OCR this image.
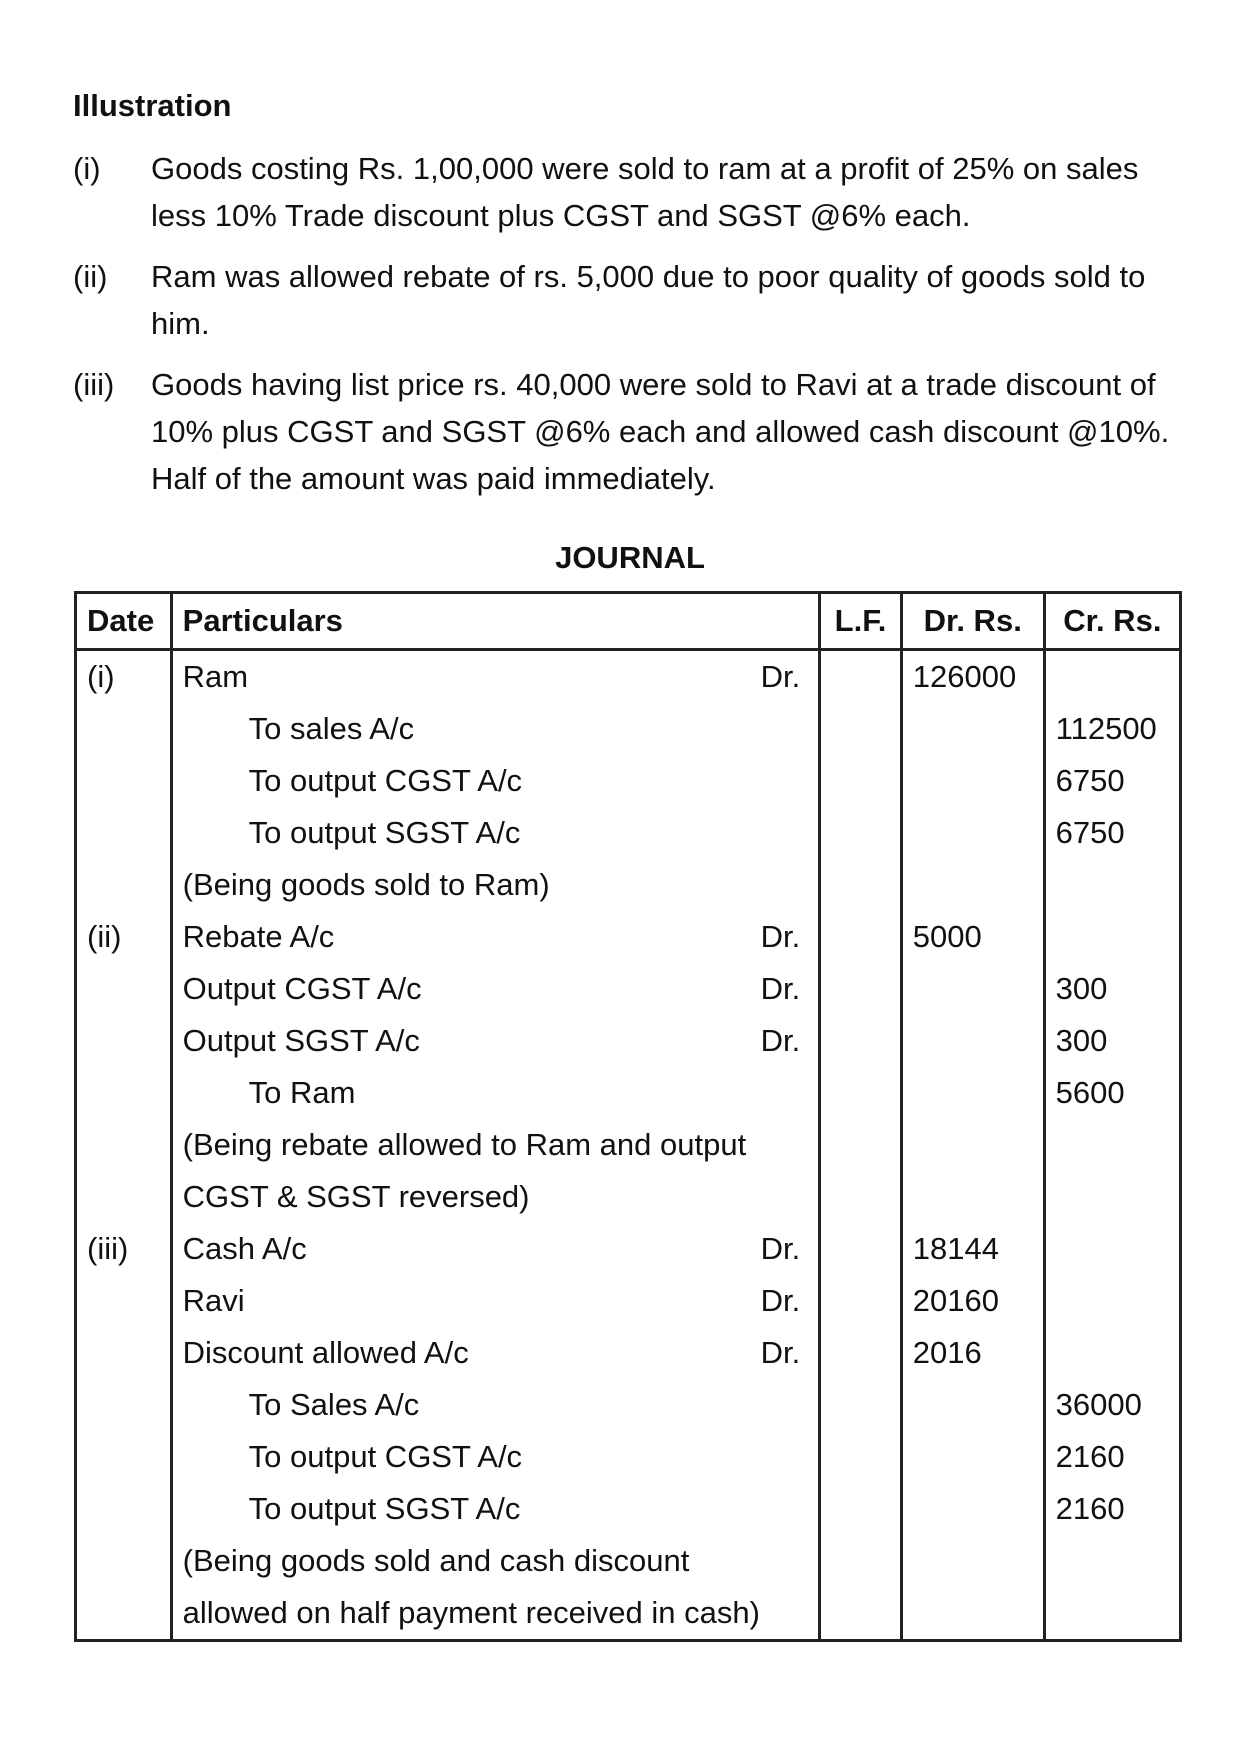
Illustration
(i) Goods costing Rs. 1,00,000 were sold to ram at a profit of 25% on sales less 10% Trade discount plus CGST and SGST @6% each.
(ii) Ram was allowed rebate of rs. 5,000 due to poor quality of goods sold to him.
(iii) Goods having list price rs. 40,000 were sold to Ravi at a trade discount of 10% plus CGST and SGST @6% each and allowed cash discount @10%. Half of the amount was paid immediately.
JOURNAL
Date	Particulars	L.F.	Dr. Rs.	Cr. Rs.
(i)	Ram Dr.		126000	

	To sales A/c			112500

	To output CGST A/c			6750

	To output SGST A/c			6750

	(Being goods sold to Ram)			

(ii)	Rebate A/c Dr.		5000	

	Output CGST A/c Dr.			300

	Output SGST A/c Dr.			300

	To Ram			5600

	(Being rebate allowed to Ram and output			

	CGST & SGST reversed)			

(iii)	Cash A/c Dr.		18144	

	Ravi Dr.		20160	

	Discount allowed A/c Dr.		2016	

	To Sales A/c			36000

	To output CGST A/c			2160

	To output SGST A/c			2160

	(Being goods sold and cash discount			

	allowed on half payment received in cash)			
